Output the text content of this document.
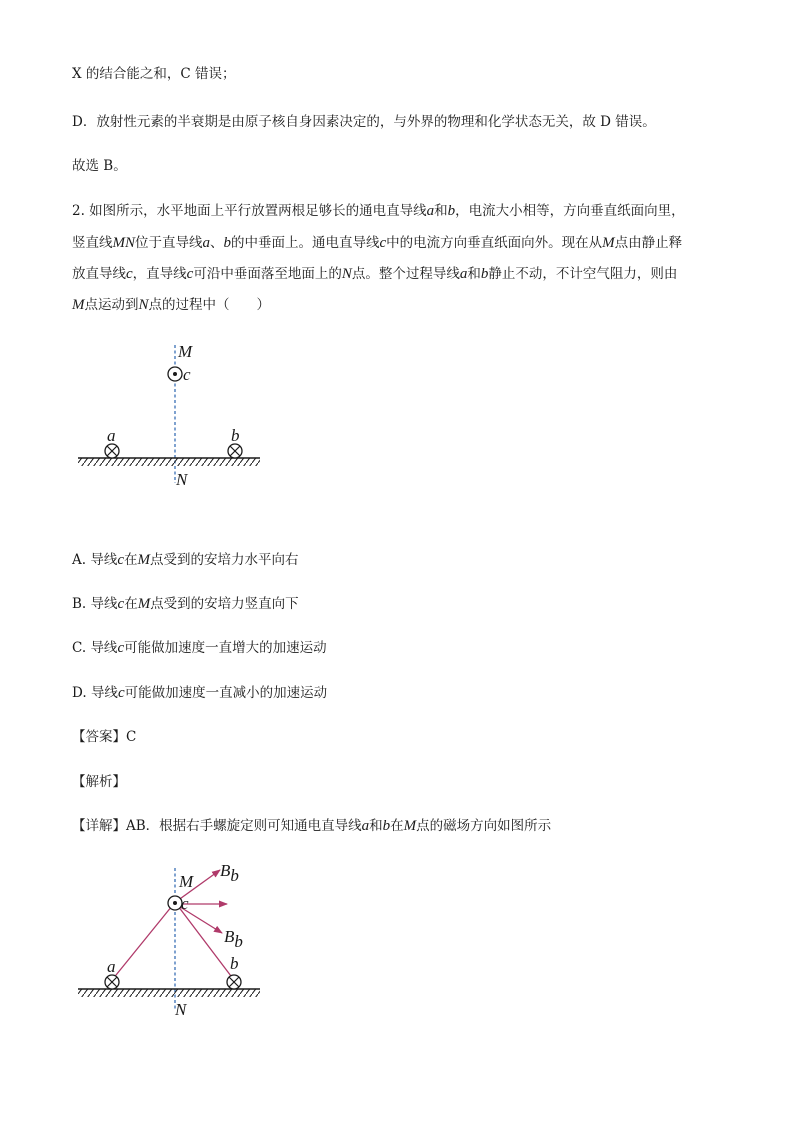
X 的结合能之和，C 错误；
D．放射性元素的半衰期是由原子核自身因素决定的，与外界的物理和化学状态无关，故 D 错误。
故选 B。
2. 如图所示，水平地面上平行放置两根足够长的通电直导线a和b，电流大小相等，方向垂直纸面向里，
竖直线MN位于直导线a、b的中垂面上。通电直导线c中的电流方向垂直纸面向外。现在从M点由静止释
放直导线c，直导线c可沿中垂面落至地面上的N点。整个过程导线a和b静止不动，不计空气阻力，则由
M点运动到N点的过程中（　　）
M
c
a	b
N
A. 导线c在M点受到的安培力水平向右
B. 导线c在M点受到的安培力竖直向下
C. 导线c可能做加速度一直增大的加速运动
D. 导线c可能做加速度一直减小的加速运动
【答案】C
【解析】
【详解】AB．根据右手螺旋定则可知通电直导线a和b在M点的磁场方向如图所示
M
c
Bb
Bb
a	b
N
